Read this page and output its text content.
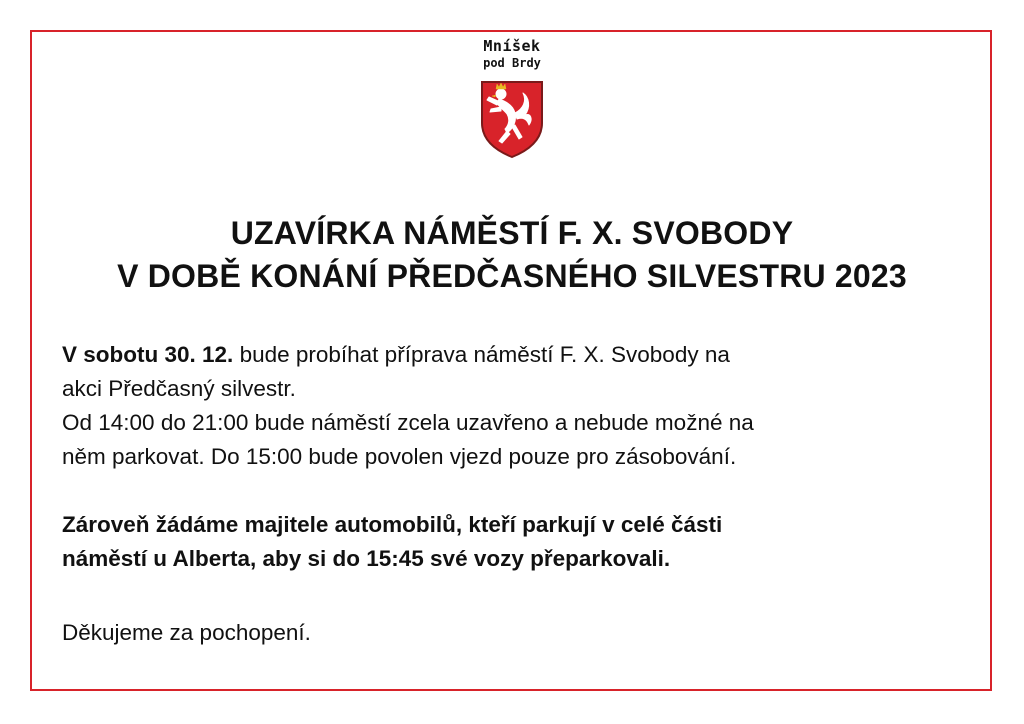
Mníšek
pod Brdy
UZAVÍRKA NÁMĚSTÍ F. X. SVOBODY
V DOBĚ KONÁNÍ PŘEDČASNÉHO SILVESTRU 2023
V sobotu 30. 12. bude probíhat příprava náměstí F. X. Svobody na
akci Předčasný silvestr.
Od 14:00 do 21:00 bude náměstí zcela uzavřeno a nebude možné na
něm parkovat. Do 15:00 bude povolen vjezd pouze pro zásobování.
Zároveň žádáme majitele automobilů, kteří parkují v celé části
náměstí u Alberta, aby si do 15:45 své vozy přeparkovali.
Děkujeme za pochopení.
